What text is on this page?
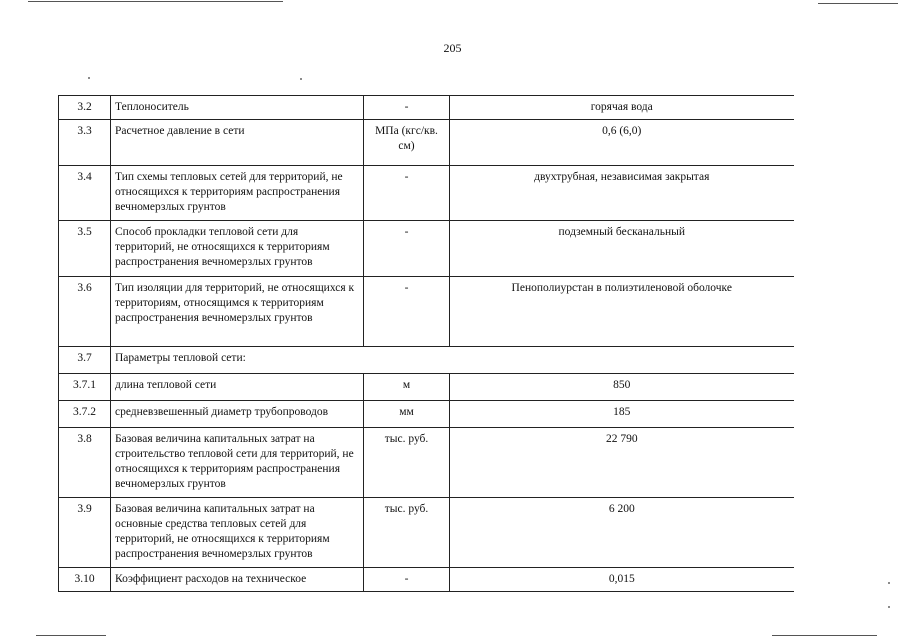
205
3.2	Теплоноситель	-	горячая вода
3.3	Расчетное давление в сети	МПа (кгс/кв. см)	0,6 (6,0)
3.4	Тип схемы тепловых сетей для территорий, не относящихся к территориям распространения вечномерзлых грунтов	-	двухтрубная, независимая закрытая
3.5	Способ прокладки тепловой сети для территорий, не относящихся к территориям распространения вечномерзлых грунтов	-	подземный бесканальный
3.6	Тип изоляции для территорий, не относящихся к территориям, относящимся к территориям распространения вечномерзлых грунтов	-	Пенополиурстан в полиэтиленовой оболочке
3.7	Параметры тепловой сети:		
3.7.1	длина тепловой сети	м	850
3.7.2	средневзвешенный диаметр трубопроводов	мм	185
3.8	Базовая величина капитальных затрат на строительство тепловой сети для территорий, не относящихся к территориям распространения вечномерзлых грунтов	тыс. руб.	22 790
3.9	Базовая величина капитальных затрат на основные средства тепловых сетей для территорий, не относящихся к территориям распространения вечномерзлых грунтов	тыс. руб.	6 200
3.10	Коэффициент расходов на техническое	-	0,015
